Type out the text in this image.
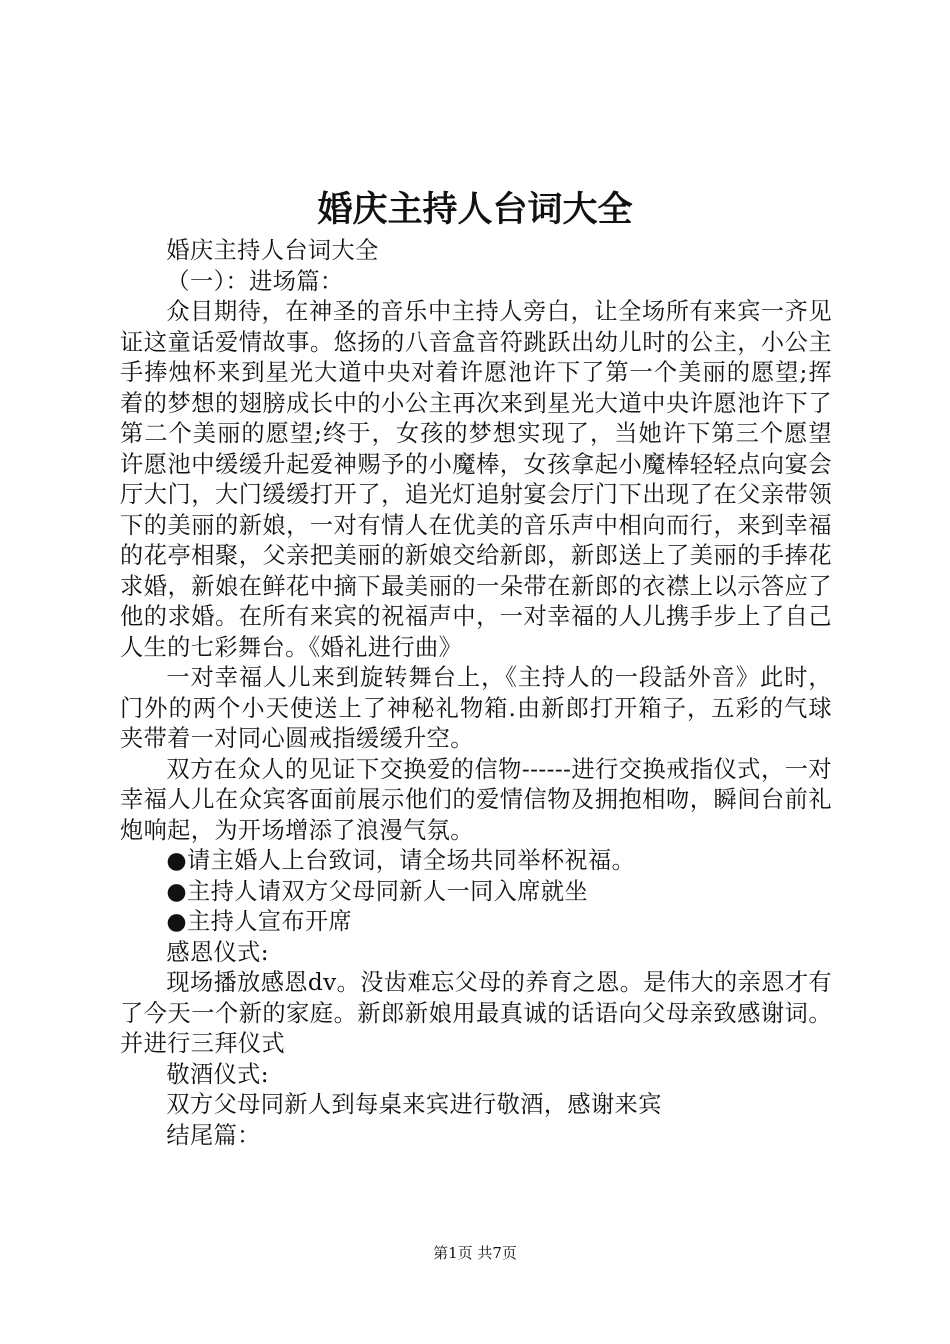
婚庆主持人台词大全

婚庆主持人台词大全

（一）：进场篇：

众目期待，在神圣的音乐中主持人旁白，让全场所有来宾一齐见证这童话爱情故事。悠扬的八音盒音符跳跃出幼儿时的公主，小公主手捧烛杯来到星光大道中央对着许愿池许下了第一个美丽的愿望;挥着的梦想的翅膀成长中的小公主再次来到星光大道中央许愿池许下了第二个美丽的愿望;终于，女孩的梦想实现了，当她许下第三个愿望许愿池中缓缓升起爱神赐予的小魔棒，女孩拿起小魔棒轻轻点向宴会厅大门，大门缓缓打开了，追光灯追射宴会厅门下出现了在父亲带领下的美丽的新娘，一对有情人在优美的音乐声中相向而行，来到幸福的花亭相聚，父亲把美丽的新娘交给新郎，新郎送上了美丽的手捧花求婚，新娘在鲜花中摘下最美丽的一朵带在新郎的衣襟上以示答应了他的求婚。在所有来宾的祝福声中，一对幸福的人儿携手步上了自己人生的七彩舞台。《婚礼进行曲》

一对幸福人儿来到旋转舞台上，《主持人的一段話外音》此时，门外的两个小天使送上了神秘礼物箱.由新郎打开箱子，五彩的气球夹带着一对同心圆戒指缓缓升空。

双方在众人的见证下交换爱的信物------进行交换戒指仪式，一对幸福人儿在众宾客面前展示他们的爱情信物及拥抱相吻，瞬间台前礼炮响起，为开场增添了浪漫气氛。

●请主婚人上台致词，请全场共同举杯祝福。

●主持人请双方父母同新人一同入席就坐

●主持人宣布开席

感恩仪式:

现场播放感恩dv。没齿难忘父母的养育之恩。是伟大的亲恩才有了今天一个新的家庭。新郎新娘用最真诚的话语向父母亲致感谢词。并进行三拜仪式

敬酒仪式:

双方父母同新人到每桌来宾进行敬酒，感谢来宾

结尾篇：

第1页 共7页
